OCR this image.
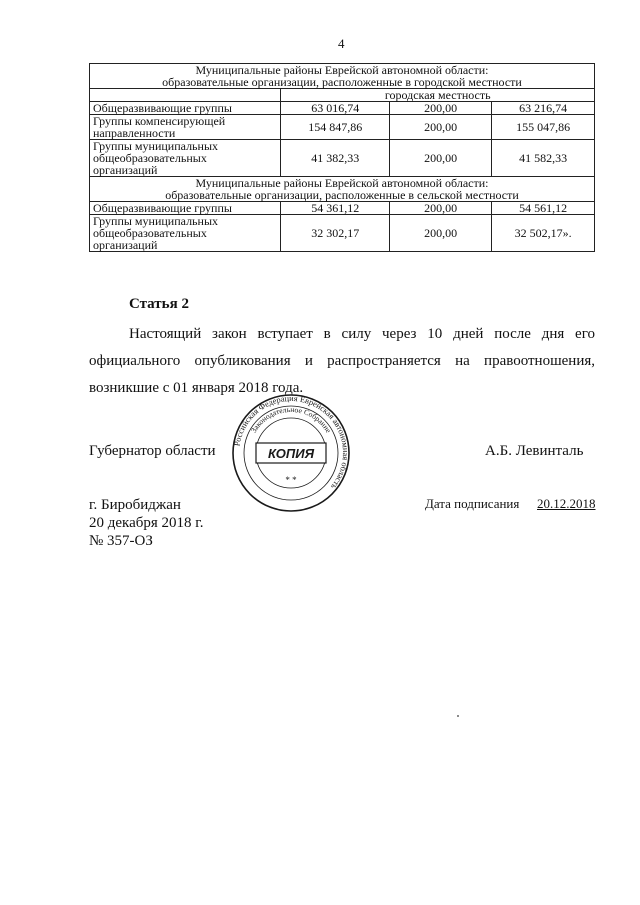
4
Муниципальные районы Еврейской автономной области:
образовательные организации, расположенные в городской местности			

	городская местность		

Общеразвивающие группы	63 016,74	200,00	63 216,74

Группы компенсирующей
направленности	154 847,86	200,00	155 047,86

Группы муниципальных
общеобразовательных
организаций	41 382,33	200,00	41 582,33

Муниципальные районы Еврейской автономной области:
образовательные организации, расположенные в сельской местности			

Общеразвивающие группы	54 361,12	200,00	54 561,12

Группы муниципальных
общеобразовательных
организаций	32 302,17	200,00	32 502,17».
Статья 2
Настоящий закон вступает в силу через 10 дней после дня его
официального опубликования и распространяется на правоотношения,
возникшие с 01 января 2018 года.
Губернатор области	А.Б. Левинталь
г. Биробиджан
20 декабря 2018 г.
№ 357-ОЗ
Дата подписания 20.12.2018
Российская Федерация Еврейская автономная область
Законодательное Собрание
КОПИЯ
* *
